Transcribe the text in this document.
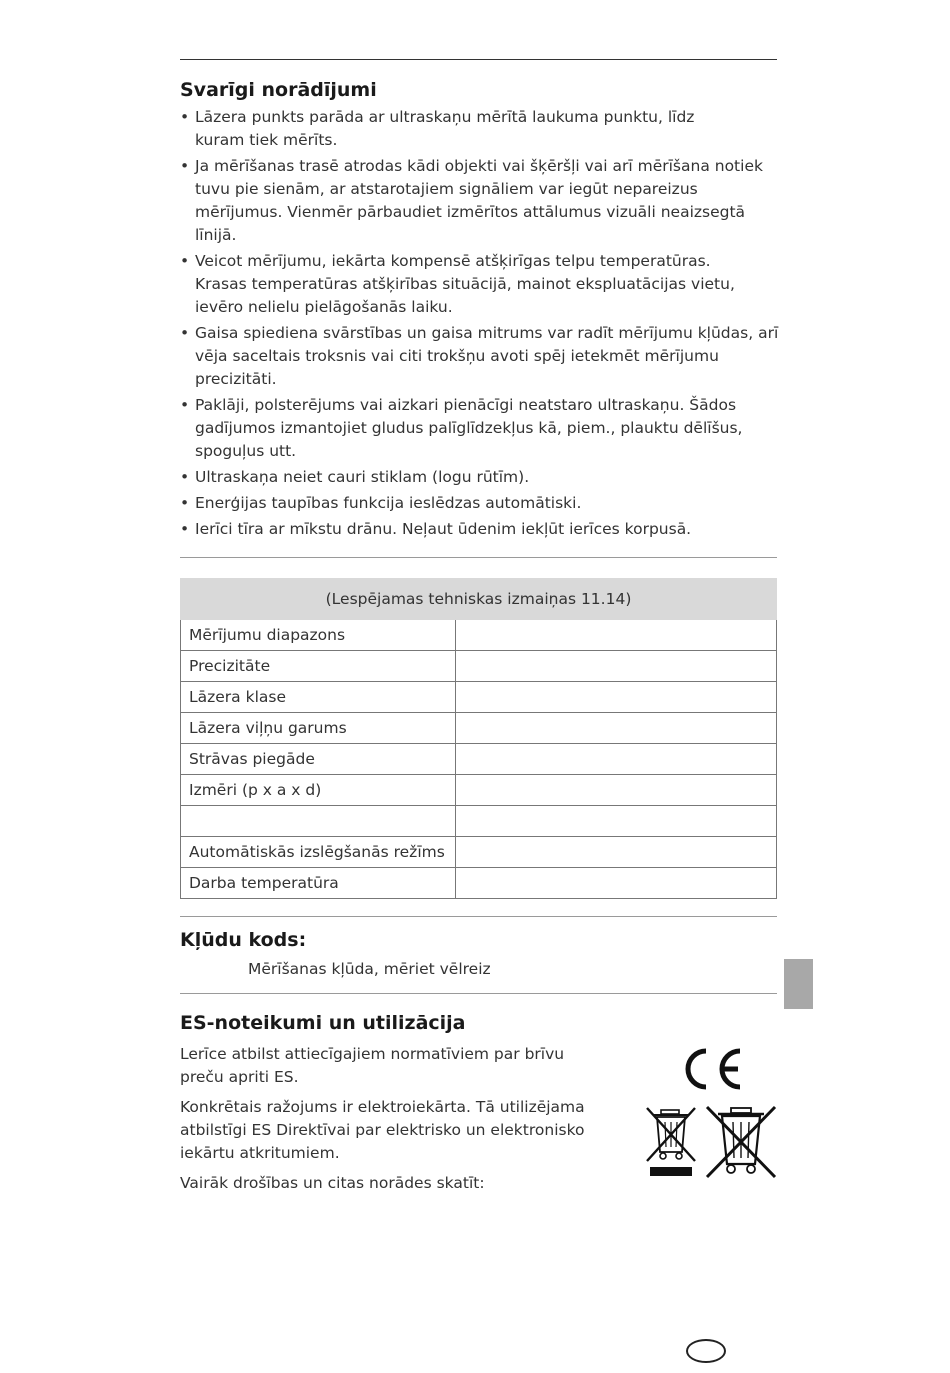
Svarīgi norādījumi
• Lāzera punkts parāda ar ultraskaņu mērītā laukuma punktu, līdz kuram tiek mērīts.
• Ja mērīšanas trasē atrodas kādi objekti vai šķēršļi vai arī mērīšana notiek tuvu pie sienām, ar atstarotajiem signāliem var iegūt nepareizus mērījumus. Vienmēr pārbaudiet izmērītos attālumus vizuāli neaizsegtā līnijā.
• Veicot mērījumu, iekārta kompensē atšķirīgas telpu temperatūras. Krasas temperatūras atšķirības situācijā, mainot ekspluatācijas vietu, ievēro nelielu pielāgošanās laiku.
• Gaisa spiediena svārstības un gaisa mitrums var radīt mērījumu kļūdas, arī vēja saceltais troksnis vai citi trokšņu avoti spēj ietekmēt mērījumu precizitāti.
• Paklāji, polsterējums vai aizkari pienācīgi neatstaro ultraskaņu. Šādos gadījumos izmantojiet gludus palīglīdzekļus kā, piem., plauktu dēlīšus, spoguļus utt.
• Ultraskaņa neiet cauri stiklam (logu rūtīm).
• Enerģijas taupības funkcija ieslēdzas automātiski.
• Ierīci tīra ar mīkstu drānu. Neļaut ūdenim iekļūt ierīces korpusā.
(Lespējamas tehniskas izmaiņas 11.14)	
Mērījumu diapazons	
Precizitāte	
Lāzera klase	
Lāzera viļņu garums	
Strāvas piegāde	
Izmēri (p x a x d)	

Automātiskās izslēgšanās režīms	
Darba temperatūra	
Kļūdu kods:

Mērīšanas kļūda, mēriet vēlreiz

ES-noteikumi un utilizācija

Lerīce atbilst attiecīgajiem normatīviem par brīvu preču apriti ES.

Konkrētais ražojums ir elektroiekārta. Tā utilizējama atbilstīgi ES Direktīvai par elektrisko un elektronisko iekārtu atkritumiem.

Vairāk drošības un citas norādes skatīt:
